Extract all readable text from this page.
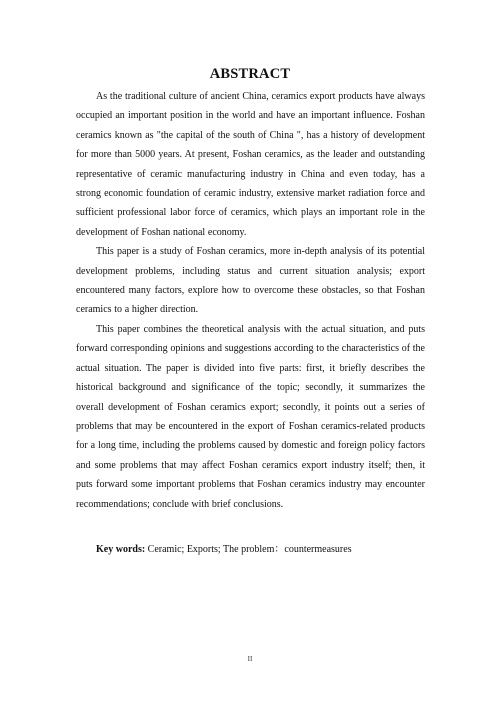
ABSTRACT

As the traditional culture of ancient China, ceramics export products have always occupied an important position in the world and have an important influence. Foshan ceramics known as "the capital of the south of China ", has a history of development for more than 5000 years. At present, Foshan ceramics, as the leader and outstanding representative of ceramic manufacturing industry in China and even today, has a strong economic foundation of ceramic industry, extensive market radiation force and sufficient professional labor force of ceramics, which plays an important role in the development of Foshan national economy.

This paper is a study of Foshan ceramics, more in-depth analysis of its potential development problems, including status and current situation analysis; export encountered many factors, explore how to overcome these obstacles, so that Foshan ceramics to a higher direction.

This paper combines the theoretical analysis with the actual situation, and puts forward corresponding opinions and suggestions according to the characteristics of the actual situation. The paper is divided into five parts: first, it briefly describes the historical background and significance of the topic; secondly, it summarizes the overall development of Foshan ceramics export; secondly, it points out a series of problems that may be encountered in the export of Foshan ceramics-related products for a long time, including the problems caused by domestic and foreign policy factors and some problems that may affect Foshan ceramics export industry itself; then, it puts forward some important problems that Foshan ceramics industry may encounter recommendations; conclude with brief conclusions.

Key words: Ceramic; Exports; The problem：countermeasures

II
